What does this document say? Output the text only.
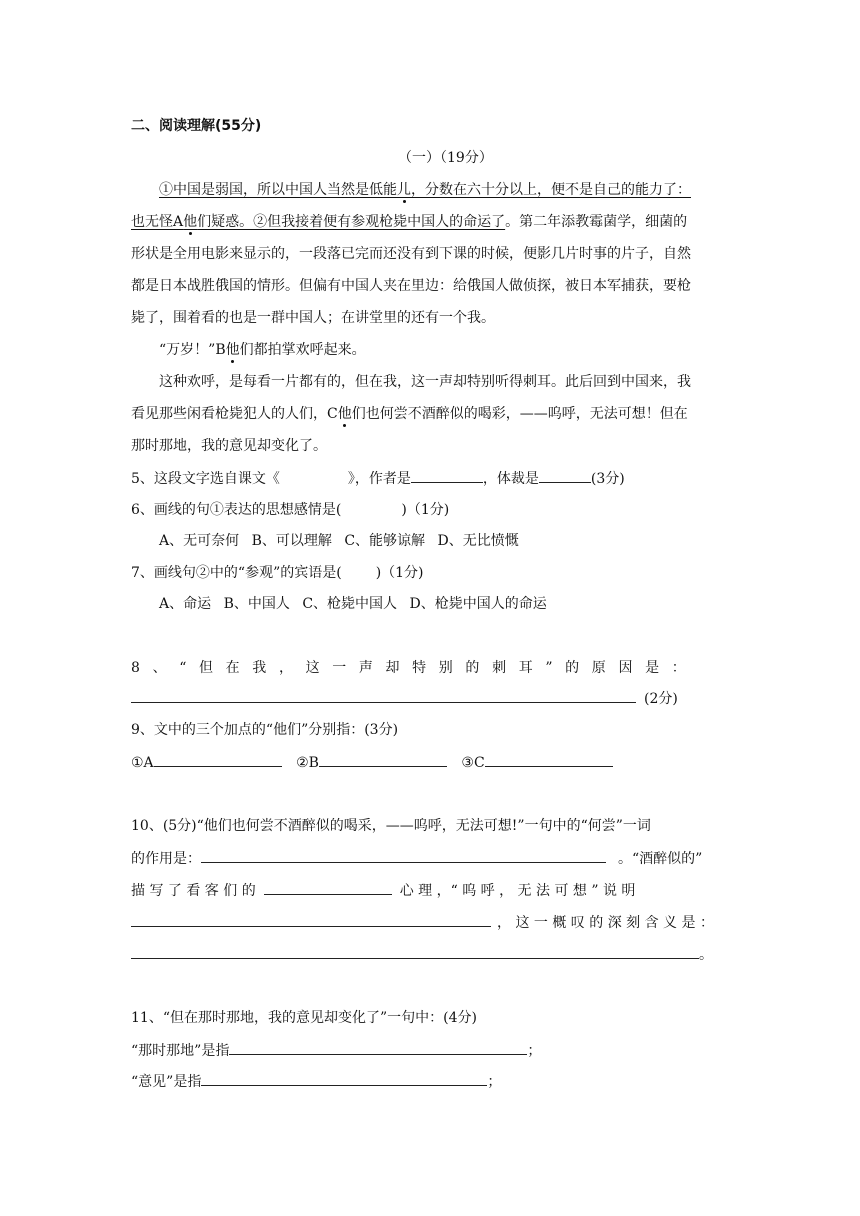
二、阅读理解(55分)
（一）（19分）
①中国是弱国，所以中国人当然是低能儿，分数在六十分以上，便不是自己的能力了：
也无怪A他们疑惑。②但我接着便有参观枪毙中国人的命运了。第二年添教霉菌学，细菌的
形状是全用电影来显示的，一段落已完而还没有到下课的时候，便影几片时事的片子，自然
都是日本战胜俄国的情形。但偏有中国人夹在里边：给俄国人做侦探，被日本军捕获，要枪
毙了，围着看的也是一群中国人；在讲堂里的还有一个我。
“万岁！”B他们都拍掌欢呼起来。
这种欢呼，是每看一片都有的，但在我，这一声却特别听得刺耳。此后回到中国来，我
看见那些闲看枪毙犯人的人们，C他们也何尝不酒醉似的喝彩，——呜呼，无法可想！但在
那时那地，我的意见却变化了。
5、这段文字选自课文《	》，作者是	，体裁是	(3分)
6、画线的句①表达的思想感情是(	)（1分)
A、无可奈何 B、可以理解 C、能够谅解 D、无比愤慨
7、画线句②中的“参观”的宾语是( )（1分)
A、命运 B、中国人 C、枪毙中国人 D、枪毙中国人的命运
8 、 “ 但 在 我 ， 这 一 声 却 特 别 的 刺 耳 ” 的 原 因 是 ：
(2分)
9、文中的三个加点的“他们”分别指：(3分)
①A	②B	③C
10、(5分)“他们也何尝不酒醉似的喝采，——呜呼，无法可想!”一句中的“何尝”一词
的作用是：	。“酒醉似的”
描 写 了 看 客 们 的	心 理 ，“ 呜 呼 ， 无 法 可 想 ” 说 明
， 这 一 概 叹 的 深 刻 含 义 是 ：
。
11、“但在那时那地，我的意见却变化了”一句中：(4分)
“那时那地”是指	；
“意见”是指	；
